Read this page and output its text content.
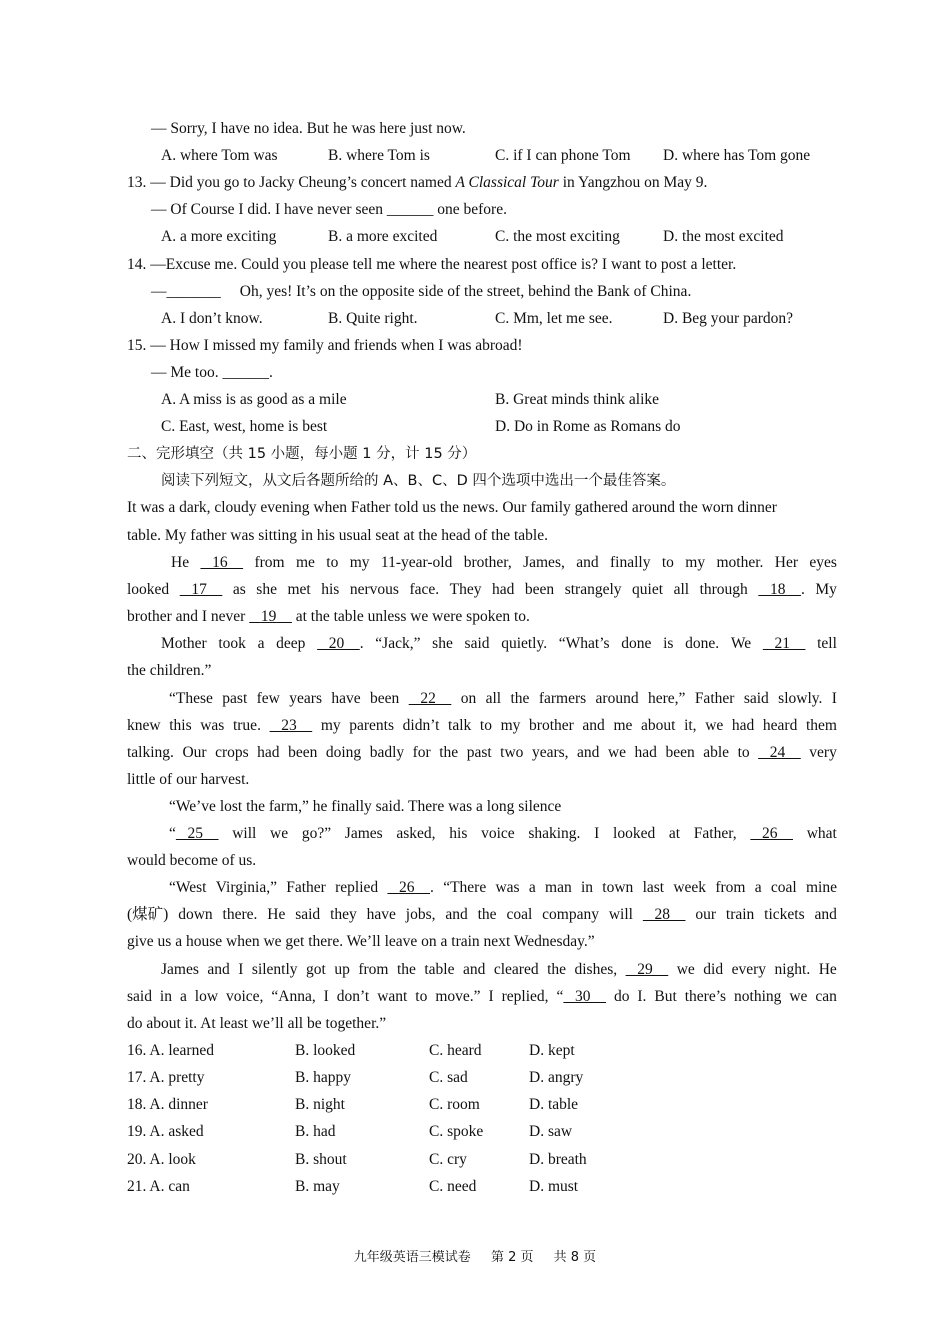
— Sorry, I have no idea. But he was here just now.
A. where Tom was	B. where Tom is	C. if I can phone Tom D. where has Tom gone
13. — Did you go to Jacky Cheung’s concert named A Classical Tour in Yangzhou on May 9.
— Of Course I did. I have never seen ______ one before.
A. a more exciting	B. a more excited	C. the most exciting	D. the most excited
14. —Excuse me. Could you please tell me where the nearest post office is? I want to post a letter.
—_______ Oh, yes! It’s on the opposite side of the street, behind the Bank of China.
A. I don’t know.	B. Quite right.	C. Mm, let me see.	D. Beg your pardon?
15. — How I missed my family and friends when I was abroad!
— Me too. ______.
A. A miss is as good as a mile	B. Great minds think alike
C. East, west, home is best	D. Do in Rome as Romans do
二、完形填空（共 15 小题，每小题 1 分，计 15 分）
阅读下列短文，从文后各题所给的 A、B、C、D 四个选项中选出一个最佳答案。
It was a dark, cloudy evening when Father told us the news. Our family gathered around the worn dinner
table. My father was sitting in his usual seat at the head of the table.
He 16 from me to my 11-year-old brother, James, and finally to my mother. Her eyes
looked 17 as she met his nervous face. They had been strangely quiet all through 18    . My
brother and I never    19     at the table unless we were spoken to.
Mother took a deep 20    . “Jack,” she said quietly. “What’s done is done. We 21 tell
the children.”
“These past few years have been 22 on all the farmers around here,” Father said slowly. I
knew this was true. 23 my parents didn’t talk to my brother and me about it, we had heard them
talking. Our crops had been doing badly for the past two years, and we had been able to 24 very
little of our harvest.
“We’ve lost the farm,” he finally said. There was a long silence
“   25 will we go?” James asked, his voice shaking. I looked at Father, 26 what
would become of us.
“West Virginia,” Father replied 26    . “There was a man in town last week from a coal mine
(煤矿) down there. He said they have jobs, and the coal company will 28 our train tickets and
give us a house when we get there. We’ll leave on a train next Wednesday.”
James and I silently got up from the table and cleared the dishes, 29 we did every night. He
said in a low voice, “Anna, I don’t want to move.” I replied, “   30 do I. But there’s nothing we can
do about it. At least we’ll all be together.”
16. A. learned	B. looked	C. heard	D. kept
17. A. pretty	B. happy	C. sad	D. angry
18. A. dinner	B. night	C. room	D. table
19. A. asked	B. had	C. spoke	D. saw
20. A. look	B. shout	C. cry	D. breath
21. A. can	B. may	C. need	D. must
九年级英语三模试卷 第 2 页 共 8 页
